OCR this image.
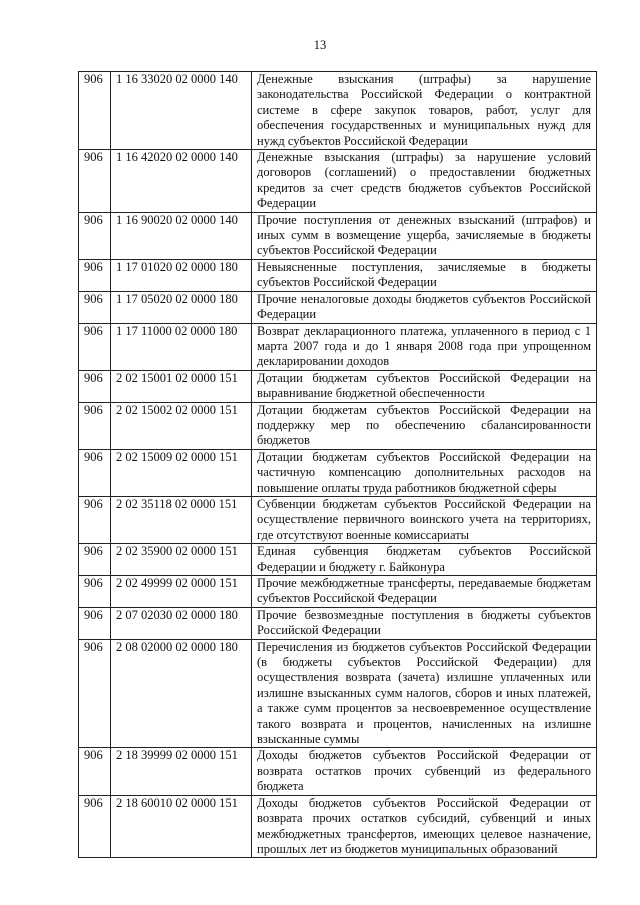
13
906	1 16 33020 02 0000 140	Денежные взыскания (штрафы) за нарушение законодательства Российской Федерации о контрактной системе в сфере закупок товаров, работ, услуг для обеспечения государственных и муниципальных нужд для нужд субъектов Российской Федерации
906	1 16 42020 02 0000 140	Денежные взыскания (штрафы) за нарушение условий договоров (соглашений) о предоставлении бюджетных кредитов за счет средств бюджетов субъектов Российской Федерации
906	1 16 90020 02 0000 140	Прочие поступления от денежных взысканий (штрафов) и иных сумм в возмещение ущерба, зачисляемые в бюджеты субъектов Российской Федерации
906	1 17 01020 02 0000 180	Невыясненные поступления, зачисляемые в бюджеты субъектов Российской Федерации
906	1 17 05020 02 0000 180	Прочие неналоговые доходы бюджетов субъектов Российской Федерации
906	1 17 11000 02 0000 180	Возврат декларационного платежа, уплаченного в период с 1 марта 2007 года и до 1 января 2008 года при упрощенном декларировании доходов
906	2 02 15001 02 0000 151	Дотации бюджетам субъектов Российской Федерации на выравнивание бюджетной обеспеченности
906	2 02 15002 02 0000 151	Дотации бюджетам субъектов Российской Федерации на поддержку мер по обеспечению сбалансированности бюджетов
906	2 02 15009 02 0000 151	Дотации бюджетам субъектов Российской Федерации на частичную компенсацию дополнительных расходов на повышение оплаты труда работников бюджетной сферы
906	2 02 35118 02 0000 151	Субвенции бюджетам субъектов Российской Федерации на осуществление первичного воинского учета на территориях, где отсутствуют военные комиссариаты
906	2 02 35900 02 0000 151	Единая субвенция бюджетам субъектов Российской Федерации и бюджету г. Байконура
906	2 02 49999 02 0000 151	Прочие межбюджетные трансферты, передаваемые бюджетам субъектов Российской Федерации
906	2 07 02030 02 0000 180	Прочие безвозмездные поступления в бюджеты субъектов Российской Федерации
906	2 08 02000 02 0000 180	Перечисления из бюджетов субъектов Российской Федерации (в бюджеты субъектов Российской Федерации) для осуществления возврата (зачета) излишне уплаченных или излишне взысканных сумм налогов, сборов и иных платежей, а также сумм процентов за несвоевременное осуществление такого возврата и процентов, начисленных на излишне взысканные суммы
906	2 18 39999 02 0000 151	Доходы бюджетов субъектов Российской Федерации от возврата остатков прочих субвенций из федерального бюджета
906	2 18 60010 02 0000 151	Доходы бюджетов субъектов Российской Федерации от возврата прочих остатков субсидий, субвенций и иных межбюджетных трансфертов, имеющих целевое назначение, прошлых лет из бюджетов муниципальных образований
